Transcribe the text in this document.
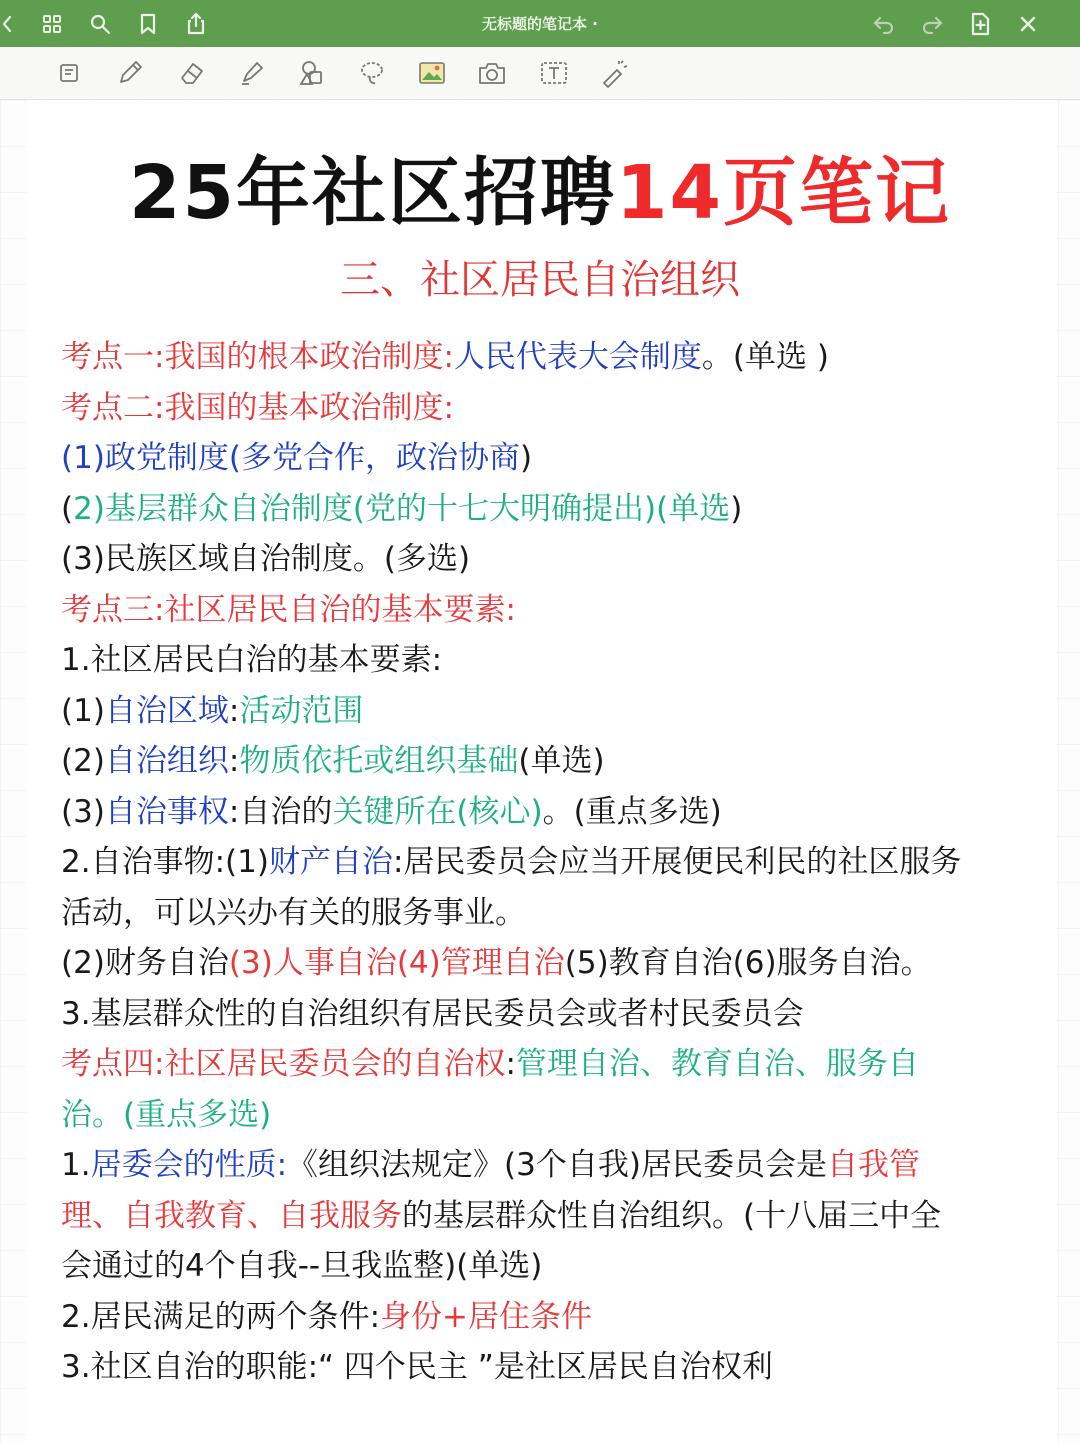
无标题的笔记本 ·
25年社区招聘14页笔记
三、社区居民自治组织
考点一:我国的根本政治制度:人民代表大会制度。(单选 )
考点二:我国的基本政治制度:
(1)政党制度(多党合作，政治协商)
(2)基层群众自治制度(党的十七大明确提出)(单选)
(3)民族区域自治制度。(多选)
考点三:社区居民自治的基本要素:
1.社区居民白治的基本要素:
(1)自治区域:活动范围
(2)自治组织:物质依托或组织基础(单选)
(3)自治事权:自治的关键所在(核心)。(重点多选)
2.自治事物:(1)财产自治:居民委员会应当开展便民利民的社区服务
活动，可以兴办有关的服务事业。
(2)财务自治(3)人事自治(4)管理自治(5)教育自治(6)服务自治。
3.基层群众性的自治组织有居民委员会或者村民委员会
考点四:社区居民委员会的自治权:管理自治、教育自治、服务自
治。(重点多选)
1.居委会的性质:《组织法规定》(3个自我)居民委员会是自我管
理、自我教育、自我服务的基层群众性自治组织。(十八届三中全
会通过的4个自我--旦我监整)(单选)
2.居民满足的两个条件:身份+居住条件
3.社区自治的职能:“ 四个民主 ”是社区居民自治权利
